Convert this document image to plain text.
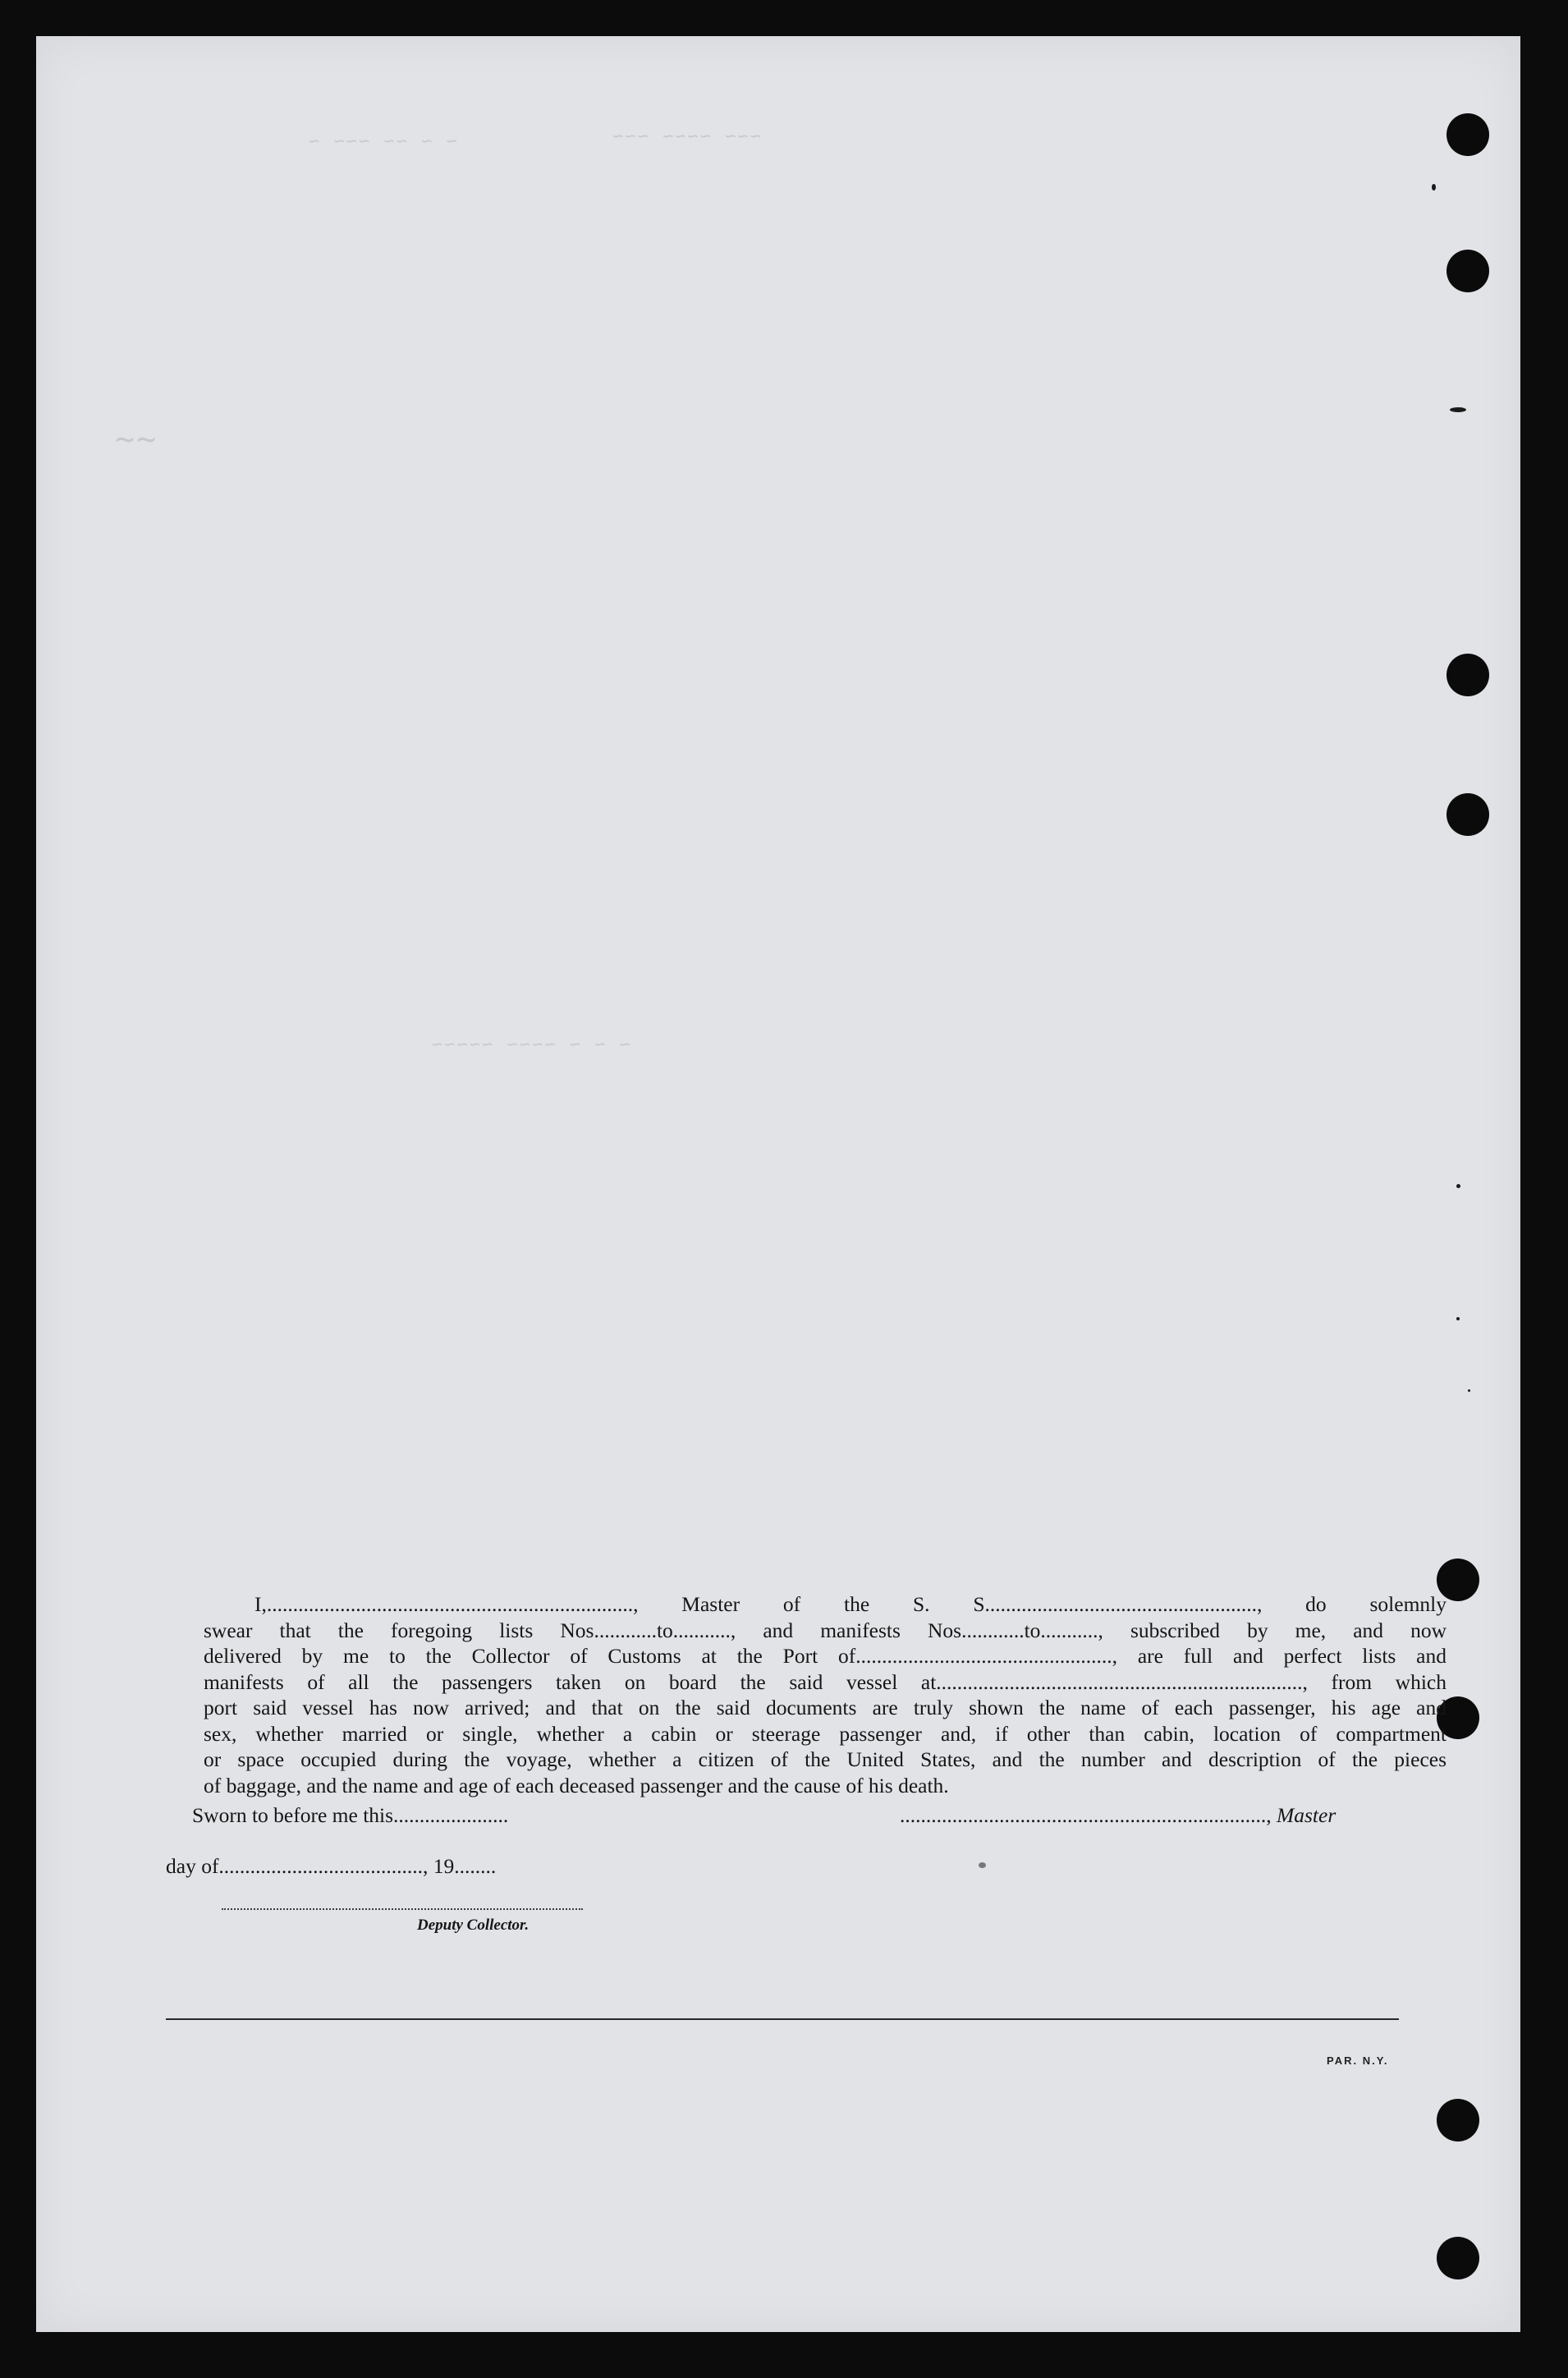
~ ~ ~~ ~~~ ~	~~~ ~~~~ ~~~
~~
~ ~ ~ ~~~~ ~~~~~
I,......................................................................, Master of the S. S...................................................., do solemnly
swear that the foregoing lists Nos............to..........., and manifests Nos............to..........., subscribed by me, and now
delivered by me to the Collector of Customs at the Port of................................................., are full and perfect lists and
manifests of all the passengers taken on board the said vessel at......................................................................, from which
port said vessel has now arrived; and that on the said documents are truly shown the name of each passenger, his age and
sex, whether married or single, whether a cabin or steerage passenger and, if other than cabin, location of compartment
or space occupied during the voyage, whether a citizen of the United States, and the number and description of the pieces
of baggage, and the name and age of each deceased passenger and the cause of his death.
Sworn to before me this......................	......................................................................, Master
day of......................................., 19........
Deputy Collector.
PAR. N.Y.
